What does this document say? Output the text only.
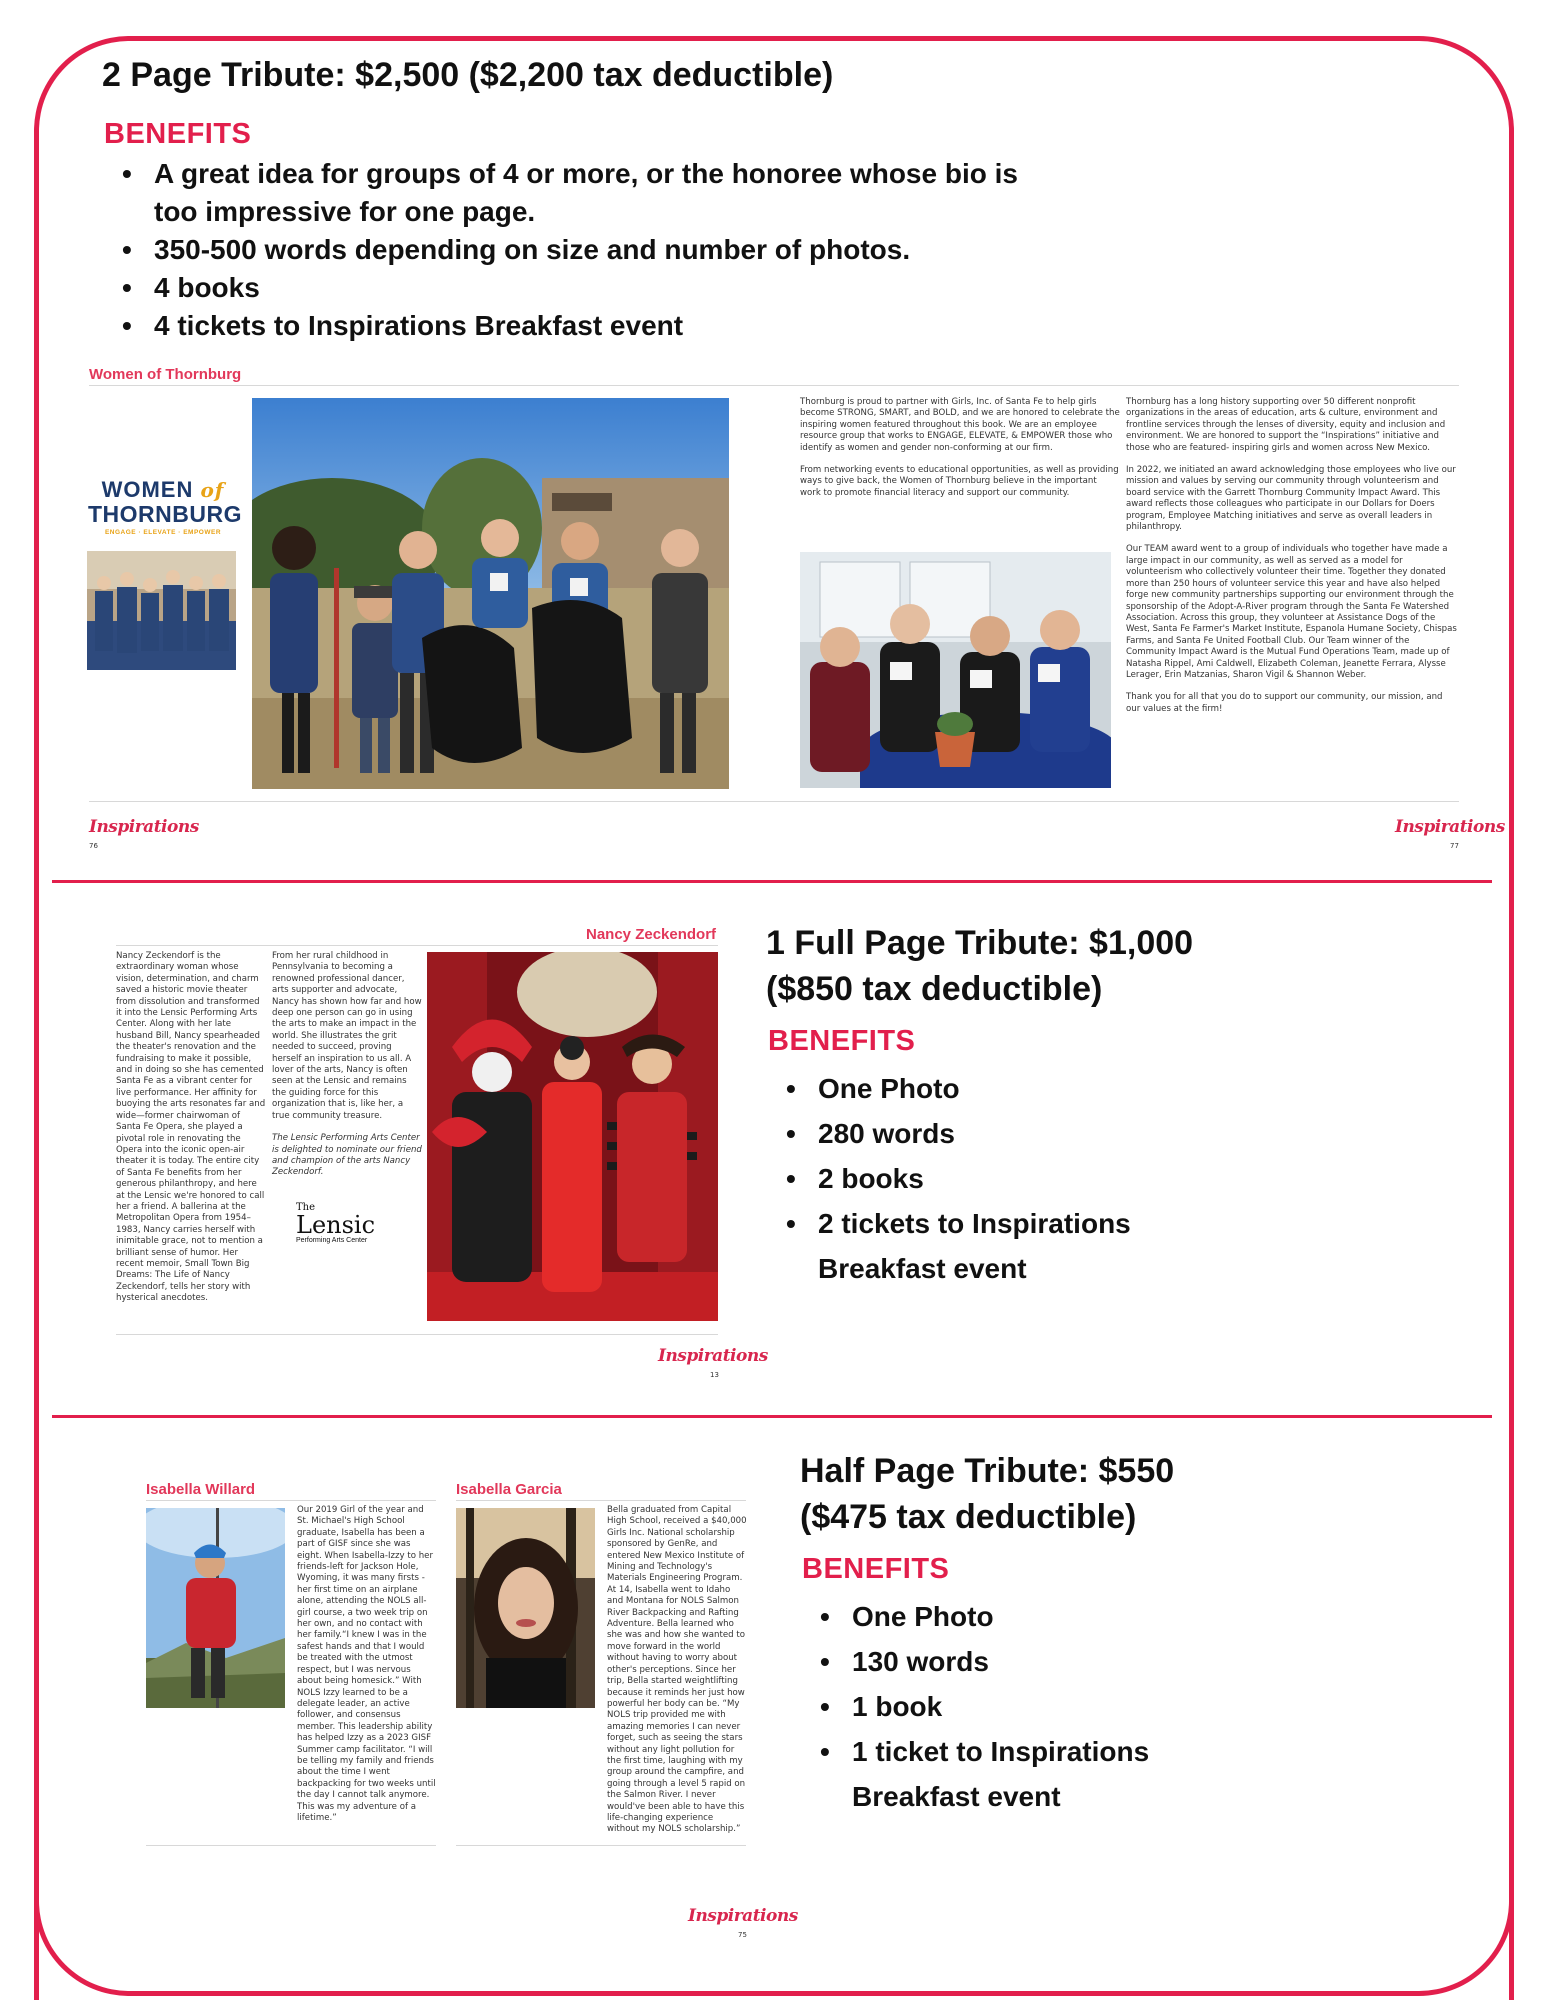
2 Page Tribute: $2,500 ($2,200 tax deductible)
BENEFITS
• A great idea for groups of 4 or more, or the honoree whose bio is too impressive for one page.
• 350-500 words depending on size and number of photos.
• 4 books
• 4 tickets to Inspirations Breakfast event
Women of Thornburg
WOMEN of
THORNBURG
ENGAGE · ELEVATE · EMPOWER

Thornburg is proud to partner with Girls, Inc. of Santa Fe to help girls become STRONG, SMART, and BOLD, and we are honored to celebrate the inspiring women featured throughout this book. We are an employee resource group that works to ENGAGE, ELEVATE, & EMPOWER those who identify as women and gender non-conforming at our firm.

From networking events to educational opportunities, as well as providing ways to give back, the Women of Thornburg believe in the important work to promote financial literacy and support our community.

Thornburg has a long history supporting over 50 different nonprofit organizations in the areas of education, arts & culture, environment and frontline services through the lenses of diversity, equity and inclusion and environment. We are honored to support the “Inspirations” initiative and those who are featured- inspiring girls and women across New Mexico.

In 2022, we initiated an award acknowledging those employees who live our mission and values by serving our community through volunteerism and board service with the Garrett Thornburg Community Impact Award. This award reflects those colleagues who participate in our Dollars for Doers program, Employee Matching initiatives and serve as overall leaders in philanthropy.

Our TEAM award went to a group of individuals who together have made a large impact in our community, as well as served as a model for volunteerism who collectively volunteer their time. Together they donated more than 250 hours of volunteer service this year and have also helped forge new community partnerships supporting our environment through the sponsorship of the Adopt-A-River program through the Santa Fe Watershed Association. Across this group, they volunteer at Assistance Dogs of the West, Santa Fe Farmer's Market Institute, Espanola Humane Society, Chispas Farms, and Santa Fe United Football Club. Our Team winner of the Community Impact Award is the Mutual Fund Operations Team, made up of Natasha Rippel, Ami Caldwell, Elizabeth Coleman, Jeanette Ferrara, Alysse Lerager, Erin Matzanias, Sharon Vigil & Shannon Weber.

Thank you for all that you do to support our community, our mission, and our values at the firm!

Inspirations
76
Inspirations
77
Nancy Zeckendorf
Nancy Zeckendorf is the extraordinary woman whose vision, determination, and charm saved a historic movie theater from dissolution and transformed it into the Lensic Performing Arts Center. Along with her late husband Bill, Nancy spearheaded the theater's renovation and the fundraising to make it possible, and in doing so she has cemented Santa Fe as a vibrant center for live performance. Her affinity for buoying the arts resonates far and wide—former chairwoman of Santa Fe Opera, she played a pivotal role in renovating the Opera into the iconic open-air theater it is today. The entire city of Santa Fe benefits from her generous philanthropy, and here at the Lensic we're honored to call her a friend. A ballerina at the Metropolitan Opera from 1954–1983, Nancy carries herself with inimitable grace, not to mention a brilliant sense of humor. Her recent memoir, Small Town Big Dreams: The Life of Nancy Zeckendorf, tells her story with hysterical anecdotes.

From her rural childhood in Pennsylvania to becoming a renowned professional dancer, arts supporter and advocate, Nancy has shown how far and how deep one person can go in using the arts to make an impact in the world. She illustrates the grit needed to succeed, proving herself an inspiration to us all. A lover of the arts, Nancy is often seen at the Lensic and remains the guiding force for this organization that is, like her, a true community treasure.

The Lensic Performing Arts Center is delighted to nominate our friend and champion of the arts Nancy Zeckendorf.

The
Lensic
Performing Arts Center
Inspirations
13
1 Full Page Tribute: $1,000
($850 tax deductible)
BENEFITS
• One Photo
• 280 words
• 2 books
• 2 tickets to Inspirations Breakfast event
Isabella Willard
Our 2019 Girl of the year and St. Michael's High School graduate, Isabella has been a part of GISF since she was eight. When Isabella-Izzy to her friends-left for Jackson Hole, Wyoming, it was many firsts - her first time on an airplane alone, attending the NOLS all-girl course, a two week trip on her own, and no contact with her family.“I knew I was in the safest hands and that I would be treated with the utmost respect, but I was nervous about being homesick.” With NOLS Izzy learned to be a delegate leader, an active follower, and consensus member. This leadership ability has helped Izzy as a 2023 GISF Summer camp facilitator. “I will be telling my family and friends about the time I went backpacking for two weeks until the day I cannot talk anymore. This was my adventure of a lifetime.”
Isabella Garcia
Bella graduated from Capital High School, received a $40,000 Girls Inc. National scholarship sponsored by GenRe, and entered New Mexico Institute of Mining and Technology's Materials Engineering Program. At 14, Isabella went to Idaho and Montana for NOLS Salmon River Backpacking and Rafting Adventure. Bella learned who she was and how she wanted to move forward in the world without having to worry about other's perceptions. Since her trip, Bella started weightlifting because it reminds her just how powerful her body can be. “My NOLS trip provided me with amazing memories I can never forget, such as seeing the stars without any light pollution for the first time, laughing with my group around the campfire, and going through a level 5 rapid on the Salmon River. I never would've been able to have this life-changing experience without my NOLS scholarship.”
Inspirations
75
Half Page Tribute: $550
($475 tax deductible)
BENEFITS
• One Photo
• 130 words
• 1 book
• 1 ticket to Inspirations Breakfast event
